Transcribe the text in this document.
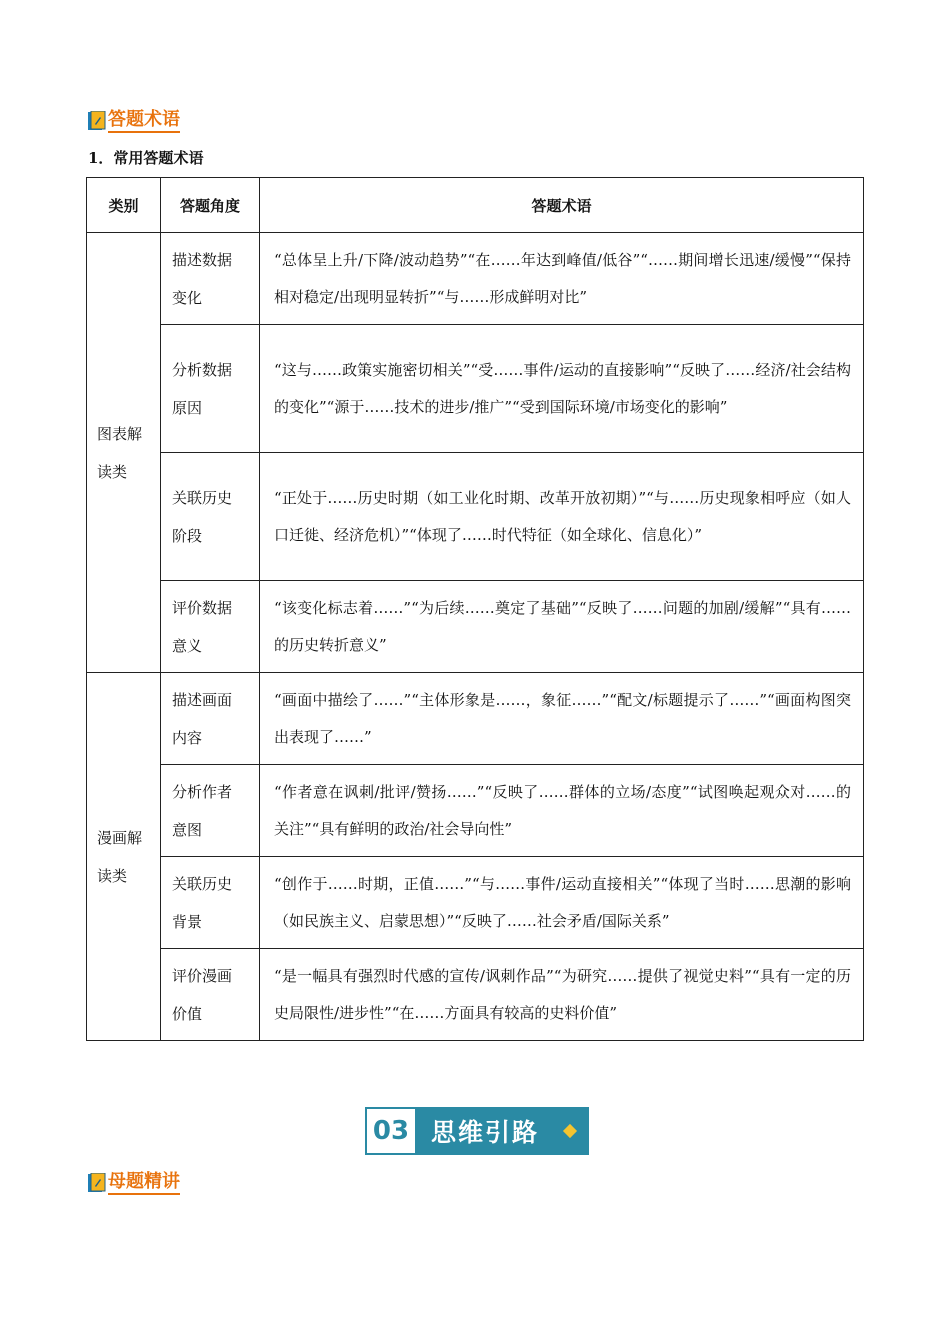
答题术语
1．常用答题术语
类别	答题角度	答题术语

图表解读类	描述数据变化	“总体呈上升/下降/波动趋势”“在……年达到峰值/低谷”“……期间增长迅速/缓慢”“保持相对稳定/出现明显转折”“与……形成鲜明对比”

	分析数据原因	“这与……政策实施密切相关”“受……事件/运动的直接影响”“反映了……经济/社会结构的变化”“源于……技术的进步/推广”“受到国际环境/市场变化的影响”

	关联历史阶段	“正处于……历史时期（如工业化时期、改革开放初期）”“与……历史现象相呼应（如人口迁徙、经济危机）”“体现了……时代特征（如全球化、信息化）”

	评价数据意义	“该变化标志着……”“为后续……奠定了基础”“反映了……问题的加剧/缓解”“具有……的历史转折意义”

漫画解读类	描述画面内容	“画面中描绘了……”“主体形象是……，象征……”“配文/标题提示了……”“画面构图突出表现了……”

	分析作者意图	“作者意在讽刺/批评/赞扬……”“反映了……群体的立场/态度”“试图唤起观众对……的关注”“具有鲜明的政治/社会导向性”

	关联历史背景	“创作于……时期，正值……”“与……事件/运动直接相关”“体现了当时……思潮的影响（如民族主义、启蒙思想）”“反映了……社会矛盾/国际关系”

	评价漫画价值	“是一幅具有强烈时代感的宣传/讽刺作品”“为研究……提供了视觉史料”“具有一定的历史局限性/进步性”“在……方面具有较高的史料价值”
03 思维引路
母题精讲
